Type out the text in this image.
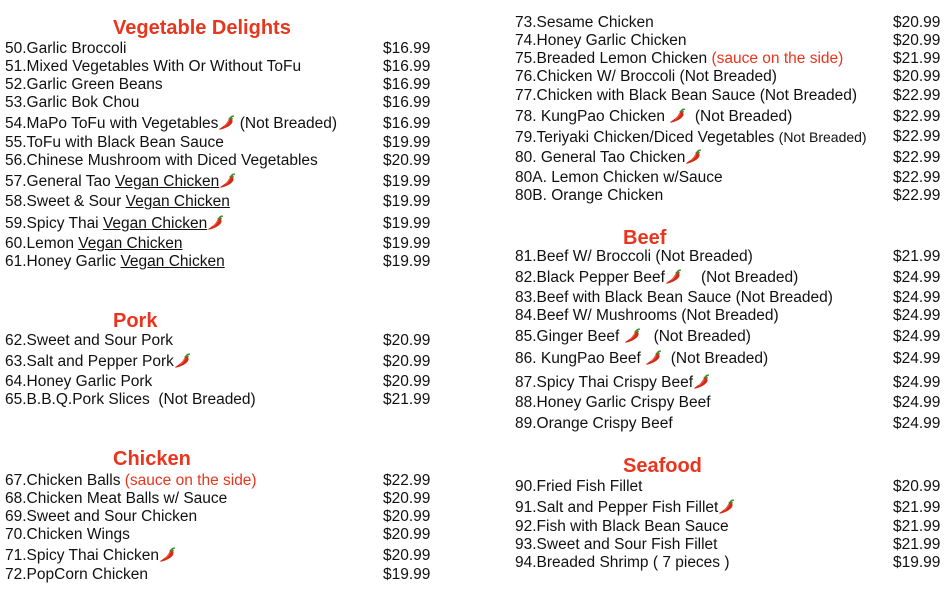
Vegetable Delights
50.Garlic Broccoli	$16.99
51.Mixed Vegetables With Or Without ToFu	$16.99
52.Garlic Green Beans	$16.99
53.Garlic Bok Chou	$16.99
54.MaPo ToFu with Vegetables (Not Breaded)	$16.99
55.ToFu with Black Bean Sauce	$19.99
56.Chinese Mushroom with Diced Vegetables	$20.99
57.General Tao Vegan Chicken	$19.99
58.Sweet & Sour Vegan Chicken	$19.99
59.Spicy Thai Vegan Chicken	$19.99
60.Lemon Vegan Chicken	$19.99
61.Honey Garlic Vegan Chicken	$19.99
Pork
62.Sweet and Sour Pork	$20.99
63.Salt and Pepper Pork	$20.99
64.Honey Garlic Pork	$20.99
65.B.B.Q.Pork Slices (Not Breaded)	$21.99
Chicken
67.Chicken Balls (sauce on the side)	$22.99
68.Chicken Meat Balls w/ Sauce	$20.99
69.Sweet and Sour Chicken	$20.99
70.Chicken Wings	$20.99
71.Spicy Thai Chicken	$20.99
72.PopCorn Chicken	$19.99
73.Sesame Chicken	$20.99
74.Honey Garlic Chicken	$20.99
75.Breaded Lemon Chicken (sauce on the side)	$21.99
76.Chicken W/ Broccoli (Not Breaded)	$20.99
77.Chicken with Black Bean Sauce (Not Breaded) $22.99
78. KungPao Chicken (Not Breaded)	$22.99
79.Teriyaki Chicken/Diced Vegetables (Not Breaded) $22.99
80. General Tao Chicken	$22.99
80A. Lemon Chicken w/Sauce	$22.99
80B. Orange Chicken	$22.99
Beef
81.Beef W/ Broccoli (Not Breaded)	$21.99
82.Black Pepper Beef (Not Breaded)	$24.99
83.Beef with Black Bean Sauce (Not Breaded)	$24.99
84.Beef W/ Mushrooms (Not Breaded)	$24.99
85.Ginger Beef (Not Breaded)	$24.99
86. KungPao Beef (Not Breaded)	$24.99
87.Spicy Thai Crispy Beef	$24.99
88.Honey Garlic Crispy Beef	$24.99
89.Orange Crispy Beef	$24.99
Seafood
90.Fried Fish Fillet	$20.99
91.Salt and Pepper Fish Fillet	$21.99
92.Fish with Black Bean Sauce	$21.99
93.Sweet and Sour Fish Fillet	$21.99
94.Breaded Shrimp ( 7 pieces )	$19.99
